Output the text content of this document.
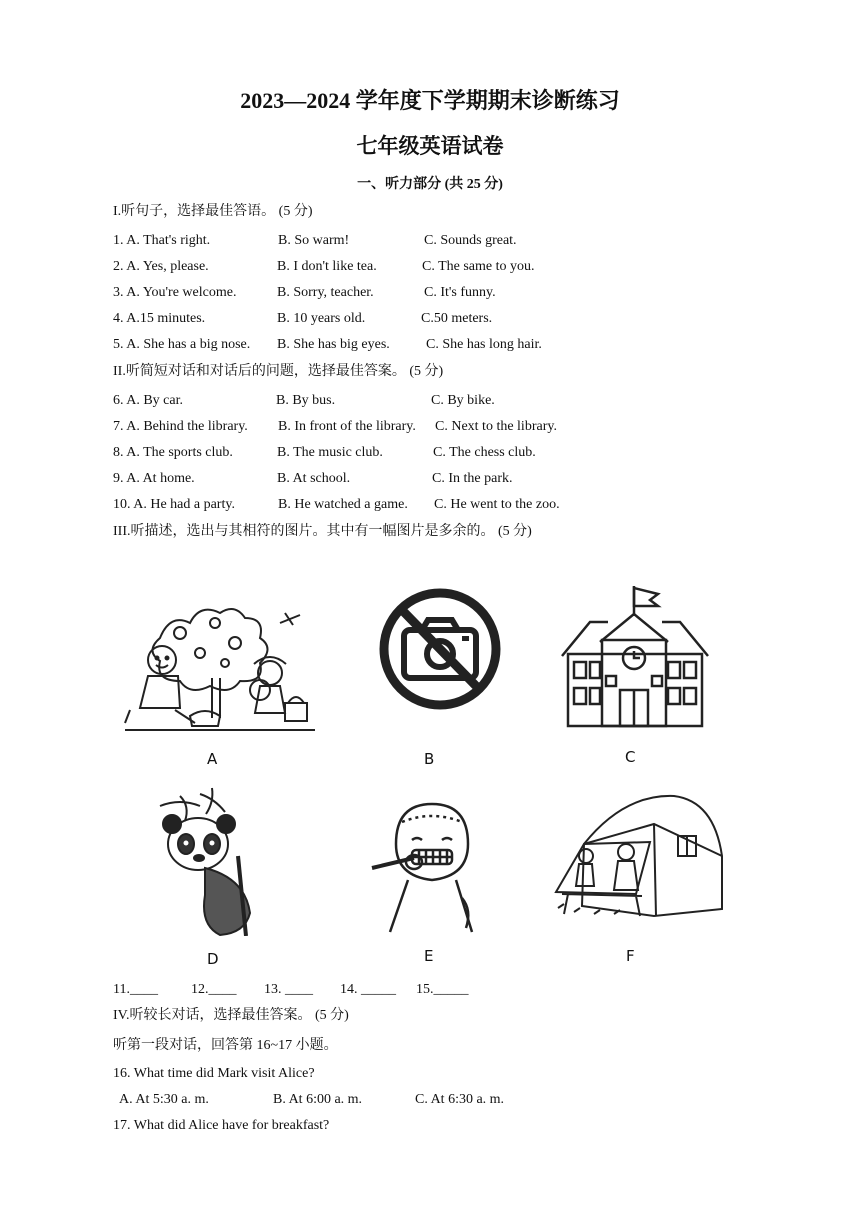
2023—2024 学年度下学期期末诊断练习
七年级英语试卷
一、听力部分 (共 25 分)
I.听句子，选择最佳答语。 (5 分)
1. A. That's right.	B. So warm!	C. Sounds great.
2. A. Yes, please.	B. I don't like tea.	C. The same to you.
3. A. You're welcome.	B. Sorry, teacher.	C. It's funny.
4. A.15 minutes.	B. 10 years old.	C.50 meters.
5. A. She has a big nose. B. She has big eyes.	C. She has long hair.
II.听简短对话和对话后的问题，选择最佳答案。 (5 分)
6. A. By car.	B. By bus.	C. By bike.
7. A. Behind the library. B. In front of the library. C. Next to the library.
8. A. The sports club.	B. The music club.	C. The chess club.
9. A. At home.	B. At school.	C. In the park.
10. A. He had a party.	B. He watched a game. C. He went to the zoo.
III.听描述，选出与其相符的图片。其中有一幅图片是多余的。 (5 分)
A	B	C
D	E	F
11.____ 12.____ 13. ____ 14. _____ 15._____
IV.听较长对话，选择最佳答案。 (5 分)
听第一段对话，回答第 16~17 小题。
16. What time did Mark visit Alice?
A. At 5:30 a. m.	B. At 6:00 a. m.	C. At 6:30 a. m.
17. What did Alice have for breakfast?
